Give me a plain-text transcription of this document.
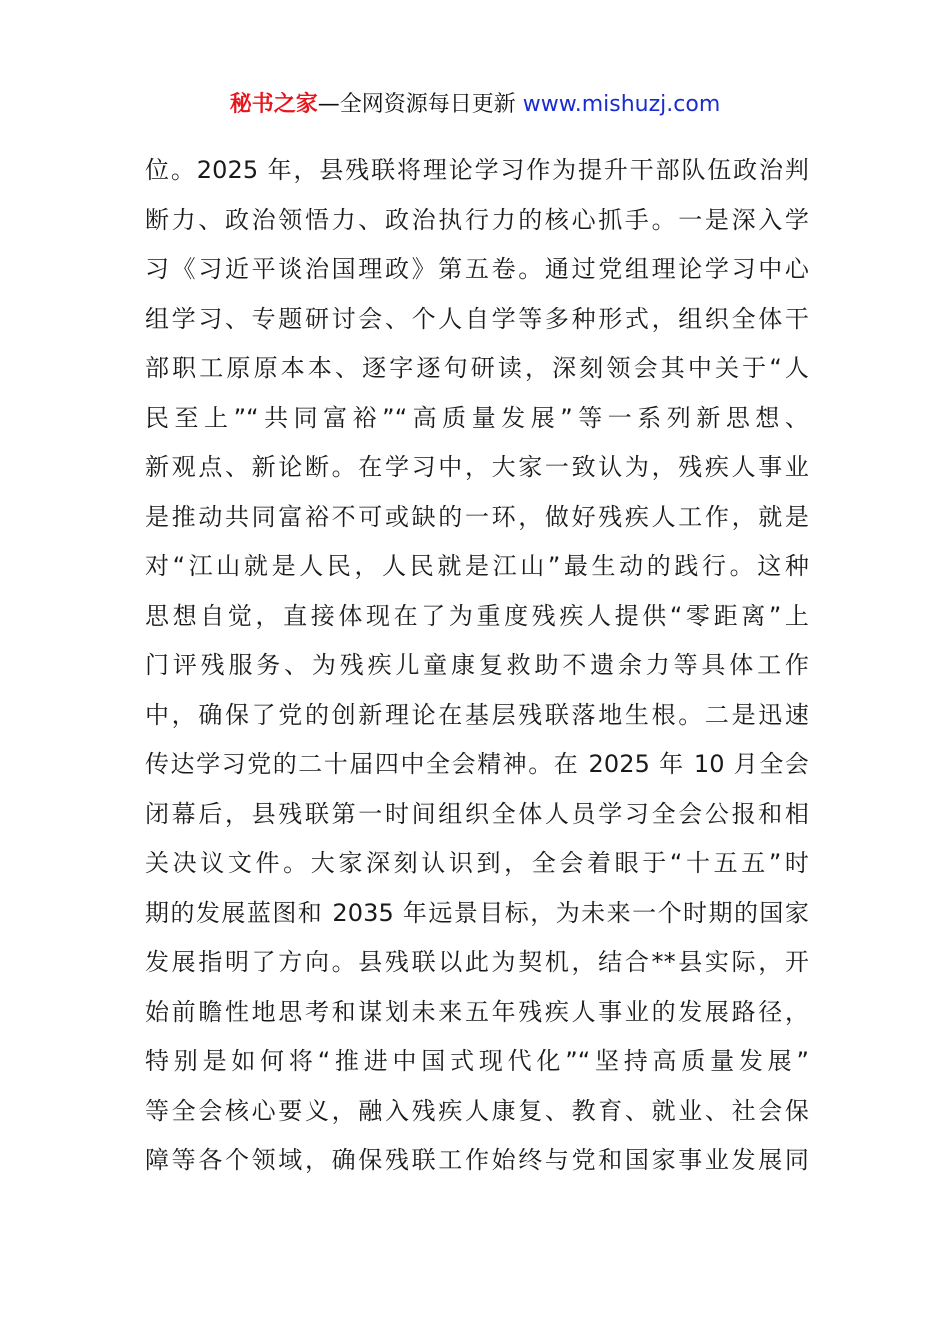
秘书之家—全网资源每日更新 www.mishuzj.com
位。2025 年，县残联将理论学习作为提升干部队伍政治判
断力、政治领悟力、政治执行力的核心抓手。一是深入学
习《习近平谈治国理政》第五卷。通过党组理论学习中心
组学习、专题研讨会、个人自学等多种形式，组织全体干
部职工原原本本、逐字逐句研读，深刻领会其中关于“人
民至上”“共同富裕”“高质量发展”等一系列新思想、
新观点、新论断。在学习中，大家一致认为，残疾人事业
是推动共同富裕不可或缺的一环，做好残疾人工作，就是
对“江山就是人民，人民就是江山”最生动的践行。这种
思想自觉，直接体现在了为重度残疾人提供“零距离”上
门评残服务、为残疾儿童康复救助不遗余力等具体工作
中，确保了党的创新理论在基层残联落地生根。二是迅速
传达学习党的二十届四中全会精神。在 2025 年 10 月全会
闭幕后，县残联第一时间组织全体人员学习全会公报和相
关决议文件。大家深刻认识到，全会着眼于“十五五”时
期的发展蓝图和 2035 年远景目标，为未来一个时期的国家
发展指明了方向。县残联以此为契机，结合**县实际，开
始前瞻性地思考和谋划未来五年残疾人事业的发展路径，
特别是如何将“推进中国式现代化”“坚持高质量发展”
等全会核心要义，融入残疾人康复、教育、就业、社会保
障等各个领域，确保残联工作始终与党和国家事业发展同
